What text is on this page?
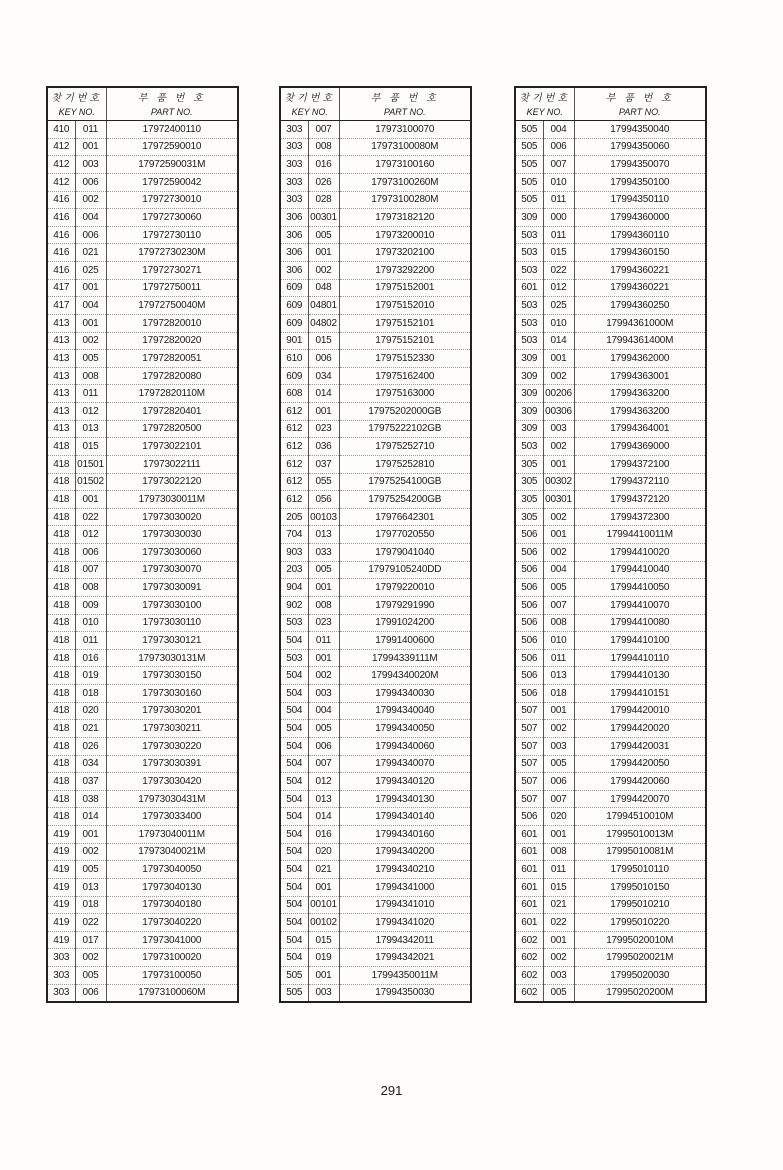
찾기번호		부 품 번 호
KEY NO.		PART NO.
410	011	17972400110
412	001	17972590010
412	003	17972590031M
412	006	17972590042
416	002	17972730010
416	004	17972730060
416	006	17972730110
416	021	17972730230M
416	025	17972730271
417	001	17972750011
417	004	17972750040M
413	001	17972820010
413	002	17972820020
413	005	17972820051
413	008	17972820080
413	011	17972820110M
413	012	17972820401
413	013	17972820500
418	015	17973022101
418	01501	17973022111
418	01502	17973022120
418	001	17973030011M
418	022	17973030020
418	012	17973030030
418	006	17973030060
418	007	17973030070
418	008	17973030091
418	009	17973030100
418	010	17973030110
418	011	17973030121
418	016	17973030131M
418	019	17973030150
418	018	17973030160
418	020	17973030201
418	021	17973030211
418	026	17973030220
418	034	17973030391
418	037	17973030420
418	038	17973030431M
418	014	17973033400
419	001	17973040011M
419	002	17973040021M
419	005	17973040050
419	013	17973040130
419	018	17973040180
419	022	17973040220
419	017	17973041000
303	002	17973100020
303	005	17973100050
303	006	17973100060M
찾기번호		부 품 번 호
KEY NO.		PART NO.
303	007	17973100070
303	008	17973100080M
303	016	17973100160
303	026	17973100260M
303	028	17973100280M
306	00301	17973182120
306	005	17973200010
306	001	17973202100
306	002	17973292200
609	048	17975152001
609	04801	17975152010
609	04802	17975152101
901	015	17975152101
610	006	17975152330
609	034	17975162400
608	014	17975163000
612	001	17975202000GB
612	023	17975222102GB
612	036	17975252710
612	037	17975252810
612	055	17975254100GB
612	056	17975254200GB
205	00103	17976642301
704	013	17977020550
903	033	17979041040
203	005	17979105240DD
904	001	17979220010
902	008	17979291990
503	023	17991024200
504	011	17991400600
503	001	17994339111M
504	002	17994340020M
504	003	17994340030
504	004	17994340040
504	005	17994340050
504	006	17994340060
504	007	17994340070
504	012	17994340120
504	013	17994340130
504	014	17994340140
504	016	17994340160
504	020	17994340200
504	021	17994340210
504	001	17994341000
504	00101	17994341010
504	00102	17994341020
504	015	17994342011
504	019	17994342021
505	001	17994350011M
505	003	17994350030
찾기번호		부 품 번 호
KEY NO.		PART NO.
505	004	17994350040
505	006	17994350060
505	007	17994350070
505	010	17994350100
505	011	17994350110
309	000	17994360000
503	011	17994360110
503	015	17994360150
503	022	17994360221
601	012	17994360221
503	025	17994360250
503	010	17994361000M
503	014	17994361400M
309	001	17994362000
309	002	17994363001
309	00206	17994363200
309	00306	17994363200
309	003	17994364001
503	002	17994369000
305	001	17994372100
305	00302	17994372110
305	00301	17994372120
305	002	17994372300
506	001	17994410011M
506	002	17994410020
506	004	17994410040
506	005	17994410050
506	007	17994410070
506	008	17994410080
506	010	17994410100
506	011	17994410110
506	013	17994410130
506	018	17994410151
507	001	17994420010
507	002	17994420020
507	003	17994420031
507	005	17994420050
507	006	17994420060
507	007	17994420070
506	020	17994510010M
601	001	17995010013M
601	008	17995010081M
601	011	17995010110
601	015	17995010150
601	021	17995010210
601	022	17995010220
602	001	17995020010M
602	002	17995020021M
602	003	17995020030
602	005	17995020200M
291
